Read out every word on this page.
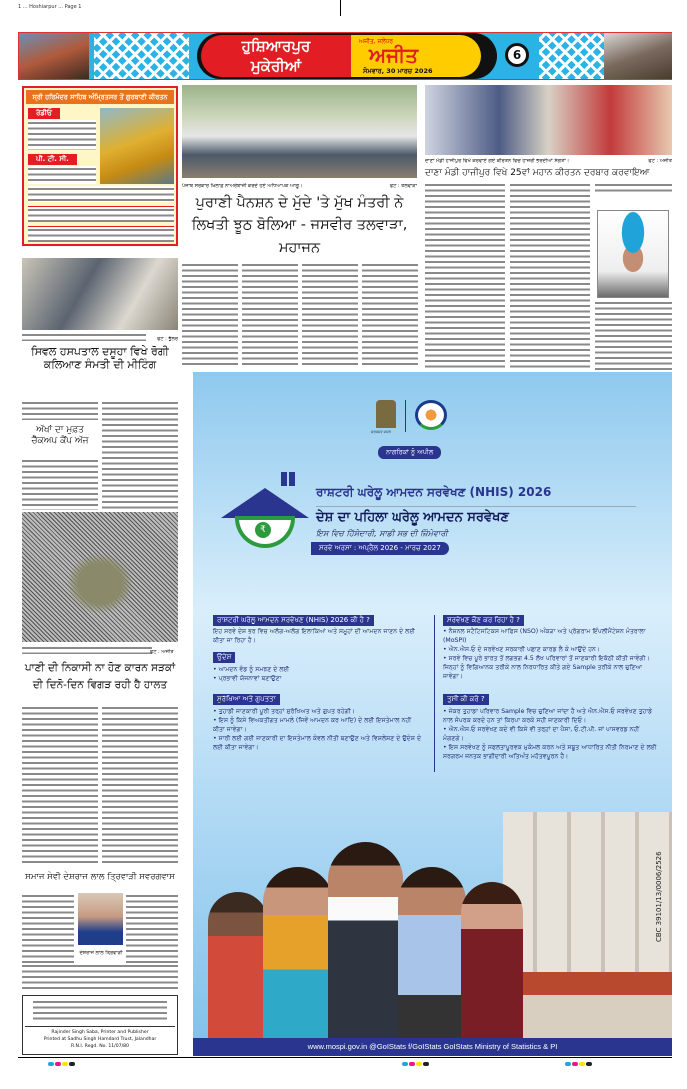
1 ... Hoshiarpur ... Page 1
ਹੁਸ਼ਿਆਰਪੁਰ
ਮੁਕੇਰੀਆਂ
ਅਜੀਤ, ਜਲੰਧਰ
ਅਜੀਤ
ਸੋਮਵਾਰ, 30 ਮਾਰਚ 2026
6
ਸ੍ਰੀ ਹਰਿਮੰਦਰ ਸਾਹਿਬ ਅੰਮ੍ਰਿਤਸਰ ਤੋਂ ਗੁਰਬਾਣੀ ਕੀਰਤਨ
ਰੇਡੀਓ
ਪੀ. ਟੀ. ਸੀ.
ਫੋਟੋ : ਭੁੱਲਰ
ਸਿਵਲ ਹਸਪਤਾਲ ਦਸੂਹਾ ਵਿਖੇ ਰੋਗੀ ਕਲਿਆਣ ਸੰਮਤੀ ਦੀ ਮੀਟਿੰਗ
ਅੱਖਾਂ ਦਾ ਮੁਫ਼ਤ ਚੈੱਕਅਪ ਕੈਂਪ ਅੱਜ
ਫੋਟੋ : ਅਜੀਤ
ਪਾਣੀ ਦੀ ਨਿਕਾਸੀ ਨਾ ਹੋਣ ਕਾਰਨ ਸੜਕਾਂ ਦੀ ਦਿਨੋ-ਦਿਨ ਵਿਗੜ ਰਹੀ ਹੈ ਹਾਲਤ
ਸਮਾਜ ਸੇਵੀ ਦੇਸ਼ਰਾਜ ਲਾਲ ਤ੍ਰਿਵਾੜੀ ਸਵਰਗਵਾਸ
ਦੇਸ਼ਰਾਜ ਲਾਲ ਤ੍ਰਿਵਾੜੀ
Rajinder Singh Saba, Printer and Publisher
Printed at Sadhu Singh Hamdard Trust, Jalandhar
R.N.I. Regd. No. 11/07/80
ਪੰਜਾਬ ਸਰਕਾਰ ਖ਼ਿਲਾਫ਼ ਨਾਅਰੇਬਾਜ਼ੀ ਕਰਦੇ ਹੋਏ ਅਧਿਆਪਕ ਆਗੂ।	ਫੋਟੋ : ਤਲਵਾੜਾ
ਪੁਰਾਣੀ ਪੈਨਸ਼ਨ ਦੇ ਮੁੱਦੇ 'ਤੇ ਮੁੱਖ ਮੰਤਰੀ ਨੇ ਲਿਖਤੀ ਝੂਠ ਬੋਲਿਆ - ਜਸਵੀਰ ਤਲਵਾੜਾ, ਮਹਾਜਨ
ਦਾਣਾ ਮੰਡੀ ਹਾਜੀਪੁਰ ਵਿਖੇ ਕਰਵਾਏ ਗਏ ਕੀਰਤਨ ਵਿਚ ਹਾਜ਼ਰੀ ਭਰਦੀਆਂ ਸੰਗਤਾਂ।	ਫੋਟੋ : ਅਜੀਤ
ਦਾਣਾ ਮੰਡੀ ਹਾਜੀਪੁਰ ਵਿਖੇ 25ਵਾਂ ਮਹਾਨ ਕੀਰਤਨ ਦਰਬਾਰ ਕਰਵਾਇਆ
ਸਤਯਮੇਵ ਜਯਤੇ
ਨਾਗਰਿਕਾਂ ਨੂੰ ਅਪੀਲ
₹
ਰਾਸ਼ਟਰੀ ਘਰੇਲੂ ਆਮਦਨ ਸਰਵੇਖਣ (NHIS) 2026
ਦੇਸ਼ ਦਾ ਪਹਿਲਾ ਘਰੇਲੂ ਆਮਦਨ ਸਰਵੇਖਣ
ਇਸ ਵਿਚ ਹਿੱਸੇਦਾਰੀ, ਸਾਡੀ ਸਭ ਦੀ ਜ਼ਿੰਮੇਵਾਰੀ
ਸਰਵੇ ਅਰਸਾ : ਅਪ੍ਰੈਲ 2026 - ਮਾਰਚ 2027
ਰਾਸ਼ਟਰੀ ਘਰੇਲੂ ਆਮਦਨ ਸਰਵੇਖਣ (NHIS) 2026 ਕੀ ਹੈ ?
ਇਹ ਸਰਵੇ ਦੇਸ਼ ਭਰ ਵਿਚ ਅਲੱਗ-ਅਲੱਗ ਇਲਾਕਿਆਂ ਅਤੇ ਸਮੂਹਾਂ ਦੀ ਆਮਦਨ ਜਾਣਨ ਦੇ ਲਈ ਕੀਤਾ ਜਾ ਰਿਹਾ ਹੈ।
ਉਦੇਸ਼
• ਆਮਦਨ ਵੰਡ ਨੂੰ ਸਮਝਣ ਦੇ ਲਈ
• ਪ੍ਰਭਾਵੀ ਯੋਜਨਾਵਾਂ ਬਣਾਉਣਾ
ਸੁਰੱਖਿਆ ਅਤੇ ਗੁਪਤਤਾ
• ਤੁਹਾਡੀ ਜਾਣਕਾਰੀ ਪੂਰੀ ਤਰ੍ਹਾਂ ਸੁਰੱਖਿਅਤ ਅਤੇ ਗੁਪਤ ਰਹੇਗੀ।
• ਇਸ ਨੂੰ ਕਿਸੇ ਵਿਅਕਤੀਗਤ ਮਾਮਲੇ (ਜਿਵੇਂ ਆਮਦਨ ਕਰ ਆਦਿ) ਦੇ ਲਈ ਇਸਤੇਮਾਲ ਨਹੀਂ ਕੀਤਾ ਜਾਵੇਗਾ।
• ਸਾਰੀ ਲਈ ਗਈ ਜਾਣਕਾਰੀ ਦਾ ਇਸਤੇਮਾਲ ਕੇਵਲ ਨੀਤੀ ਬਣਾਉਣ ਅਤੇ ਵਿਸ਼ਲੇਸ਼ਣ ਦੇ ਉਦੇਸ਼ ਦੇ ਲਈ ਕੀਤਾ ਜਾਵੇਗਾ।
ਸਰਵੇਖਣ ਕੌਣ ਕਰ ਰਿਹਾ ਹੈ ?
• ਨੈਸ਼ਨਲ ਸਟੈਟਿਸਟਿਕਸ ਆਫਿਸ (NSO) ਅੰਕੜਾ ਅਤੇ ਪ੍ਰੋਗਰਾਮ ਇੰਪਲੀਮੈਂਟੇਸ਼ਨ ਮੰਤਰਾਲਾ (MoSPI)
• ਐਨ.ਐਸ.ਓ ਦੇ ਸਰਵੇਖਣ ਸਰਕਾਰੀ ਪਛਾਣ ਕਾਰਡ ਲੈ ਕੇ ਆਉਂਦੇ ਹਨ।
• ਸਰਵੇ ਵਿਚ ਪੂਰੇ ਭਾਰਤ ਤੋਂ ਲਗਭਗ 4.5 ਲੱਖ ਪਰਿਵਾਰਾਂ ਤੋਂ ਜਾਣਕਾਰੀ ਇਕੱਠੀ ਕੀਤੀ ਜਾਵੇਗੀ। ਜਿਨ੍ਹਾਂ ਨੂੰ ਵਿਗਿਆਨਕ ਤਰੀਕੇ ਨਾਲ ਨਿਰਧਾਰਿਤ ਕੀਤੇ ਗਏ Sample ਤਰੀਕੇ ਨਾਲ ਚੁਣਿਆ ਜਾਵੇਗਾ।
ਤੁਸੀਂ ਕੀ ਕਰੋ ?
• ਜੇਕਰ ਤੁਹਾਡਾ ਪਰਿਵਾਰ Sample ਵਿਚ ਚੁਣਿਆ ਜਾਂਦਾ ਹੈ ਅਤੇ ਐਨ.ਐਸ.ਓ ਸਰਵੇਖਣ ਤੁਹਾਡੇ ਨਾਲ ਸੰਪਰਕ ਕਰਦੇ ਹਨ ਤਾਂ ਕਿਰਪਾ ਕਰਕੇ ਸਹੀ ਜਾਣਕਾਰੀ ਦਿਓ।
• ਐਨ.ਐਸ.ਓ ਸਰਵੇਖਣ ਕਦੇ ਵੀ ਕਿਸੇ ਵੀ ਤਰ੍ਹਾਂ ਦਾ ਪੈਸਾ, ਓ.ਟੀ.ਪੀ. ਜਾਂ ਪਾਸਵਰਡ ਨਹੀਂ ਮੰਗਣਗੇ।
• ਇਸ ਸਰਵੇਖਣ ਨੂੰ ਸਫਲਤਾਪੂਰਵਕ ਮੁਕੰਮਲ ਕਰਨ ਅਤੇ ਸਬੂਤ ਆਧਾਰਿਤ ਨੀਤੀ ਨਿਰਮਾਣ ਦੇ ਲਈ ਸਰਗਰਮ ਜਨਤਕ ਭਾਗੀਦਾਰੀ ਅਤਿਅੰਤ ਮਹੱਤਵਪੂਰਨ ਹੈ।
CBC 39101/13/0006/2526
www.mospi.gov.in @GoIStats f/GoIStats GoIStats Ministry of Statistics & PI
